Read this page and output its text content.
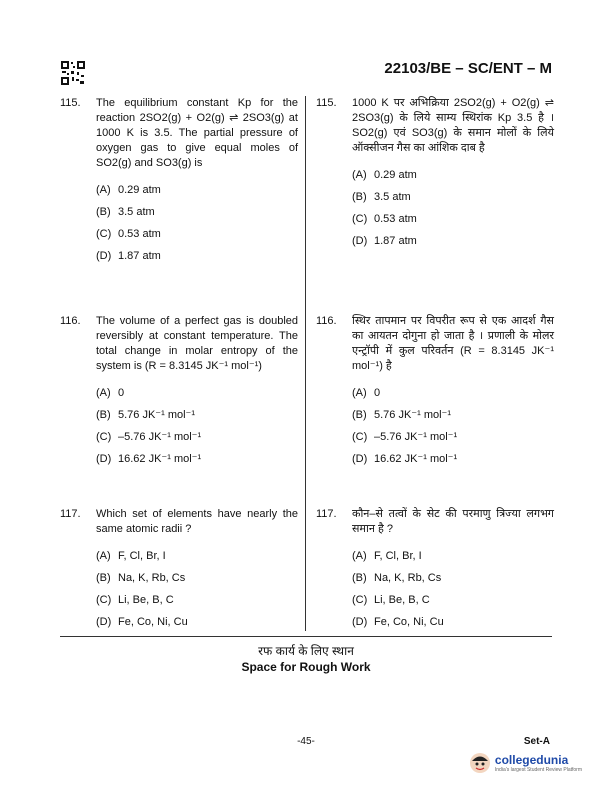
22103/BE – SC/ENT – M
115. The equilibrium constant Kp for the reaction 2SO2(g) + O2(g) ⇌ 2SO3(g) at 1000 K is 3.5. The partial pressure of oxygen gas to give equal moles of SO2(g) and SO3(g) is
(A) 0.29 atm
(B) 3.5 atm
(C) 0.53 atm
(D) 1.87 atm
116. The volume of a perfect gas is doubled reversibly at constant temperature. The total change in molar entropy of the system is (R = 8.3145 JK⁻¹ mol⁻¹)
(A) 0
(B) 5.76 JK⁻¹ mol⁻¹
(C) –5.76 JK⁻¹ mol⁻¹
(D) 16.62 JK⁻¹ mol⁻¹
117. Which set of elements have nearly the same atomic radii ?
(A) F, Cl, Br, I
(B) Na, K, Rb, Cs
(C) Li, Be, B, C
(D) Fe, Co, Ni, Cu
115. 1000 K पर अभिक्रिया 2SO2(g) + O2(g) ⇌ 2SO3(g) के लिये साम्य स्थिरांक Kp 3.5 है । SO2(g) एवं SO3(g) के समान मोलों के लिये ऑक्सीजन गैस का आंशिक दाब है
(A) 0.29 atm
(B) 3.5 atm
(C) 0.53 atm
(D) 1.87 atm
116. स्थिर तापमान पर विपरीत रूप से एक आदर्श गैस का आयतन दोगुना हो जाता है । प्रणाली के मोलर एन्ट्रॉपी में कुल परिवर्तन (R = 8.3145 JK⁻¹ mol⁻¹) है
(A) 0
(B) 5.76 JK⁻¹ mol⁻¹
(C) –5.76 JK⁻¹ mol⁻¹
(D) 16.62 JK⁻¹ mol⁻¹
117. कौन–से तत्वों के सेट की परमाणु त्रिज्या लगभग समान है ?
(A) F, Cl, Br, I
(B) Na, K, Rb, Cs
(C) Li, Be, B, C
(D) Fe, Co, Ni, Cu
रफ कार्य के लिए स्थान
Space for Rough Work
-45-	Set-A
collegedunia
India's largest Student Review Platform
